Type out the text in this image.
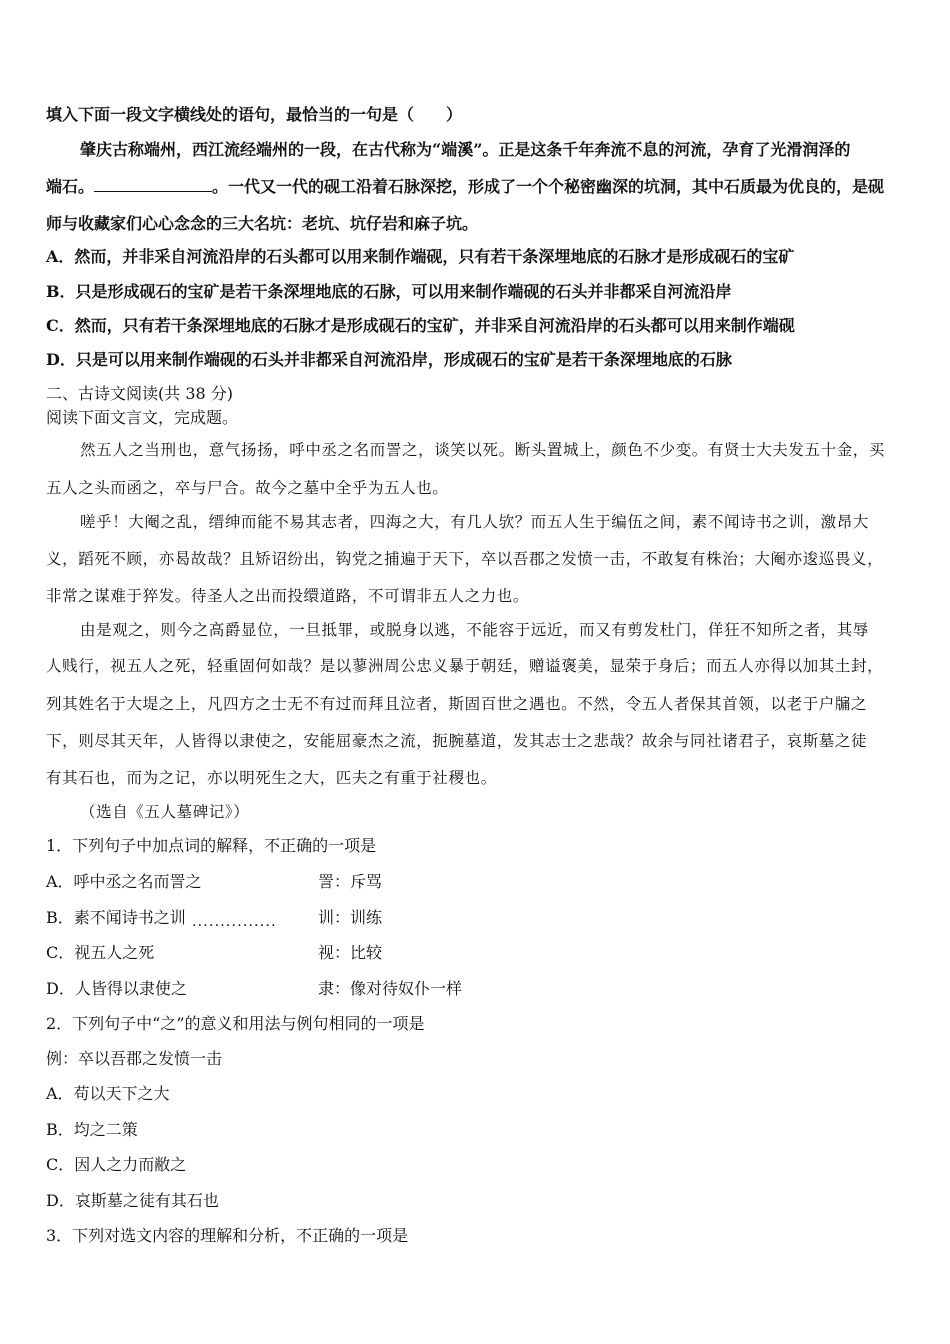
填入下面一段文字横线处的语句，最恰当的一句是（　　）
肇庆古称端州，西江流经端州的一段，在古代称为“端溪”。正是这条千年奔流不息的河流，孕育了光滑润泽的
端石。	。一代又一代的砚工沿着石脉深挖，形成了一个个秘密幽深的坑洞，其中石质最为优良的，是砚
师与收藏家们心心念念的三大名坑：老坑、坑仔岩和麻子坑。
A．然而，并非采自河流沿岸的石头都可以用来制作端砚，只有若干条深埋地底的石脉才是形成砚石的宝矿
B．只是形成砚石的宝矿是若干条深埋地底的石脉，可以用来制作端砚的石头并非都采自河流沿岸
C．然而，只有若干条深埋地底的石脉才是形成砚石的宝矿，并非采自河流沿岸的石头都可以用来制作端砚
D．只是可以用来制作端砚的石头并非都采自河流沿岸，形成砚石的宝矿是若干条深埋地底的石脉
二、古诗文阅读(共 38 分)
阅读下面文言文，完成题。
然五人之当刑也，意气扬扬，呼中丞之名而詈之，谈笑以死。断头置城上，颜色不少变。有贤士大夫发五十金，买
五人之头而函之，卒与尸合。故今之墓中全乎为五人也。
嗟乎！大阉之乱，缙绅而能不易其志者，四海之大，有几人欤？而五人生于编伍之间，素不闻诗书之训，激昂大
义，蹈死不顾，亦曷故哉？且矫诏纷出，钩党之捕遍于天下，卒以吾郡之发愤一击，不敢复有株治；大阉亦逡巡畏义，
非常之谋难于猝发。待圣人之出而投缳道路，不可谓非五人之力也。
由是观之，则今之高爵显位，一旦抵罪，或脱身以逃，不能容于远近，而又有剪发杜门，佯狂不知所之者，其辱
人贱行，视五人之死，轻重固何如哉？是以蓼洲周公忠义暴于朝廷，赠谥褒美，显荣于身后；而五人亦得以加其土封，
列其姓名于大堤之上，凡四方之士无不有过而拜且泣者，斯固百世之遇也。不然，令五人者保其首领，以老于户牖之
下，则尽其天年，人皆得以隶使之，安能屈豪杰之流，扼腕墓道，发其志士之悲哉？故余与同社诸君子，哀斯墓之徒
有其石也，而为之记，亦以明死生之大，匹夫之有重于社稷也。
（选自《五人墓碑记》）
1．下列句子中加点词的解释，不正确的一项是
A．呼中丞之名而詈之	詈：斥骂
B．素不闻诗书之训 ···············	训：训练
C．视五人之死	视：比较
D．人皆得以隶使之	隶：像对待奴仆一样
2．下列句子中“之”的意义和用法与例句相同的一项是
例：卒以吾郡之发愤一击
A．苟以天下之大
B．均之二策
C．因人之力而敝之
D．哀斯墓之徒有其石也
3．下列对选文内容的理解和分析，不正确的一项是
